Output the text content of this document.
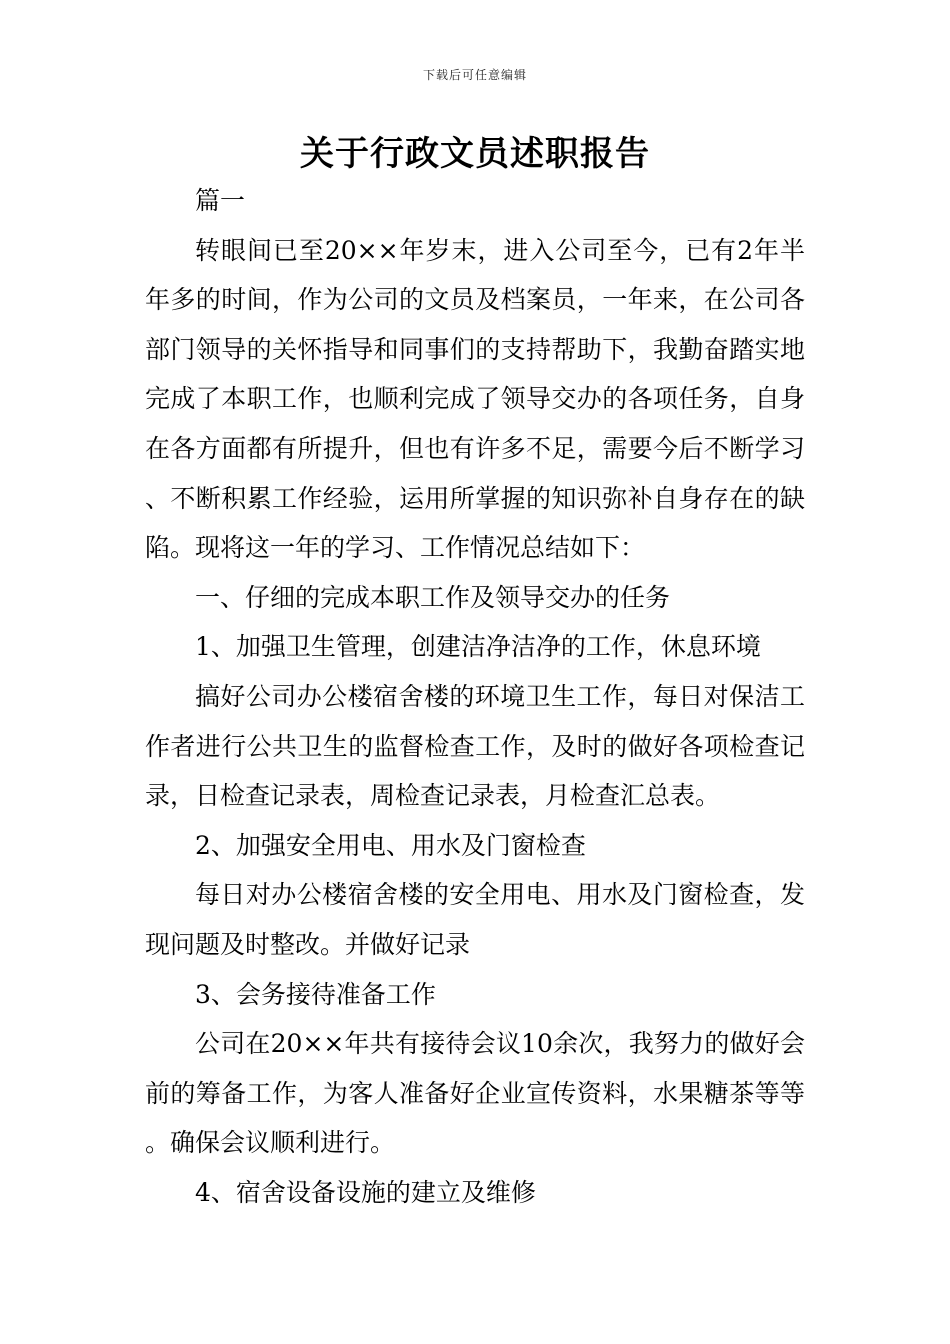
下载后可任意编辑
关于行政文员述职报告

篇一

转眼间已至20××年岁末，进入公司至今，已有2年半年多的时间，作为公司的文员及档案员，一年来，在公司各部门领导的关怀指导和同事们的支持帮助下，我勤奋踏实地完成了本职工作，也顺利完成了领导交办的各项任务，自身在各方面都有所提升，但也有许多不足，需要今后不断学习、不断积累工作经验，运用所掌握的知识弥补自身存在的缺陷。现将这一年的学习、工作情况总结如下：

一、仔细的完成本职工作及领导交办的任务

1、加强卫生管理，创建洁净洁净的工作，休息环境

搞好公司办公楼宿舍楼的环境卫生工作，每日对保洁工作者进行公共卫生的监督检查工作，及时的做好各项检查记录，日检查记录表，周检查记录表，月检查汇总表。

2、加强安全用电、用水及门窗检查

每日对办公楼宿舍楼的安全用电、用水及门窗检查，发现问题及时整改。并做好记录

3、会务接待准备工作

公司在20××年共有接待会议10余次，我努力的做好会前的筹备工作，为客人准备好企业宣传资料，水果糖茶等等。确保会议顺利进行。

4、宿舍设备设施的建立及维修
